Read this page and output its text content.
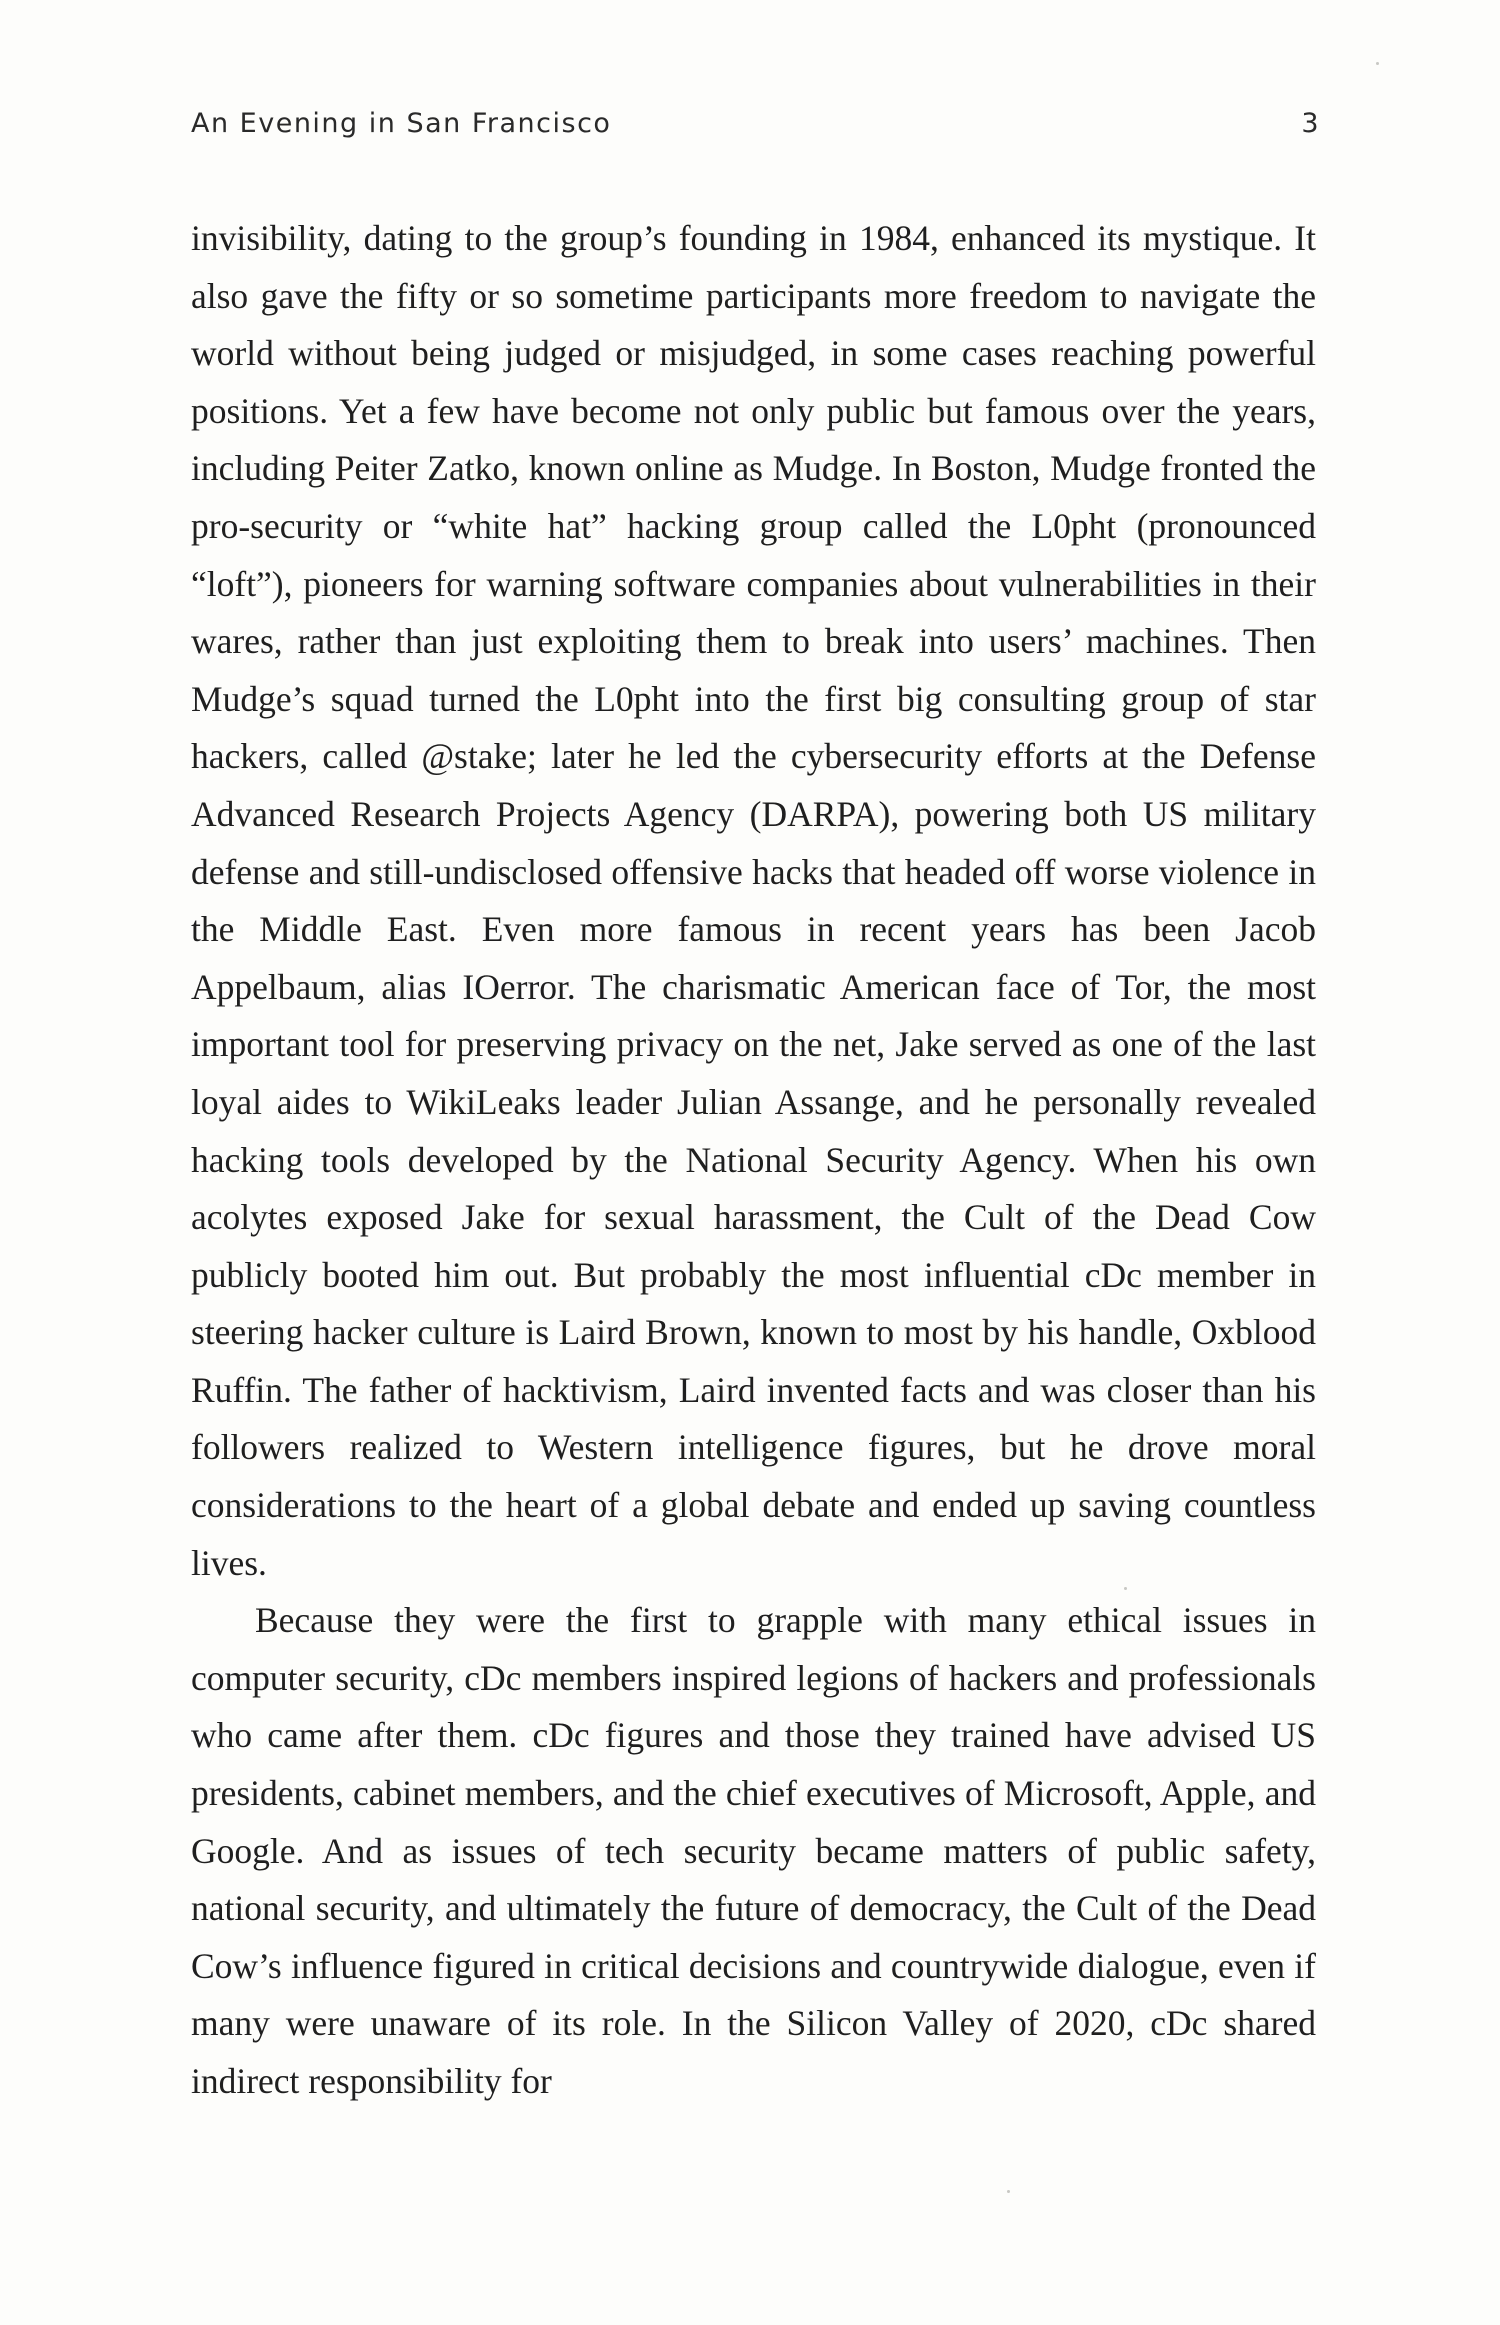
An Evening in San Francisco	3

invisibility, dating to the group’s founding in 1984, enhanced its mystique. It also gave the fifty or so sometime participants more freedom to navigate the world without being judged or misjudged, in some cases reaching powerful positions. Yet a few have become not only public but famous over the years, including Peiter Zatko, known online as Mudge. In Boston, Mudge fronted the pro-security or “white hat” hacking group called the L0pht (pronounced “loft”), pioneers for warning software companies about vulnerabilities in their wares, rather than just exploiting them to break into users’ machines. Then Mudge’s squad turned the L0pht into the first big consulting group of star hackers, called @stake; later he led the cybersecurity efforts at the Defense Advanced Research Projects Agency (DARPA), powering both US military defense and still-undisclosed offensive hacks that headed off worse violence in the Middle East. Even more famous in recent years has been Jacob Appelbaum, alias IOerror. The charismatic American face of Tor, the most important tool for preserving privacy on the net, Jake served as one of the last loyal aides to WikiLeaks leader Julian Assange, and he personally revealed hacking tools developed by the National Security Agency. When his own acolytes exposed Jake for sexual harassment, the Cult of the Dead Cow publicly booted him out. But probably the most influential cDc member in steering hacker culture is Laird Brown, known to most by his handle, Oxblood Ruffin. The father of hacktivism, Laird invented facts and was closer than his followers realized to Western intelligence figures, but he drove moral considerations to the heart of a global debate and ended up saving countless lives.

Because they were the first to grapple with many ethical issues in computer security, cDc members inspired legions of hackers and professionals who came after them. cDc figures and those they trained have advised US presidents, cabinet members, and the chief executives of Microsoft, Apple, and Google. And as issues of tech security became matters of public safety, national security, and ultimately the future of democracy, the Cult of the Dead Cow’s influence figured in critical decisions and countrywide dialogue, even if many were unaware of its role. In the Silicon Valley of 2020, cDc shared indirect responsibility for
